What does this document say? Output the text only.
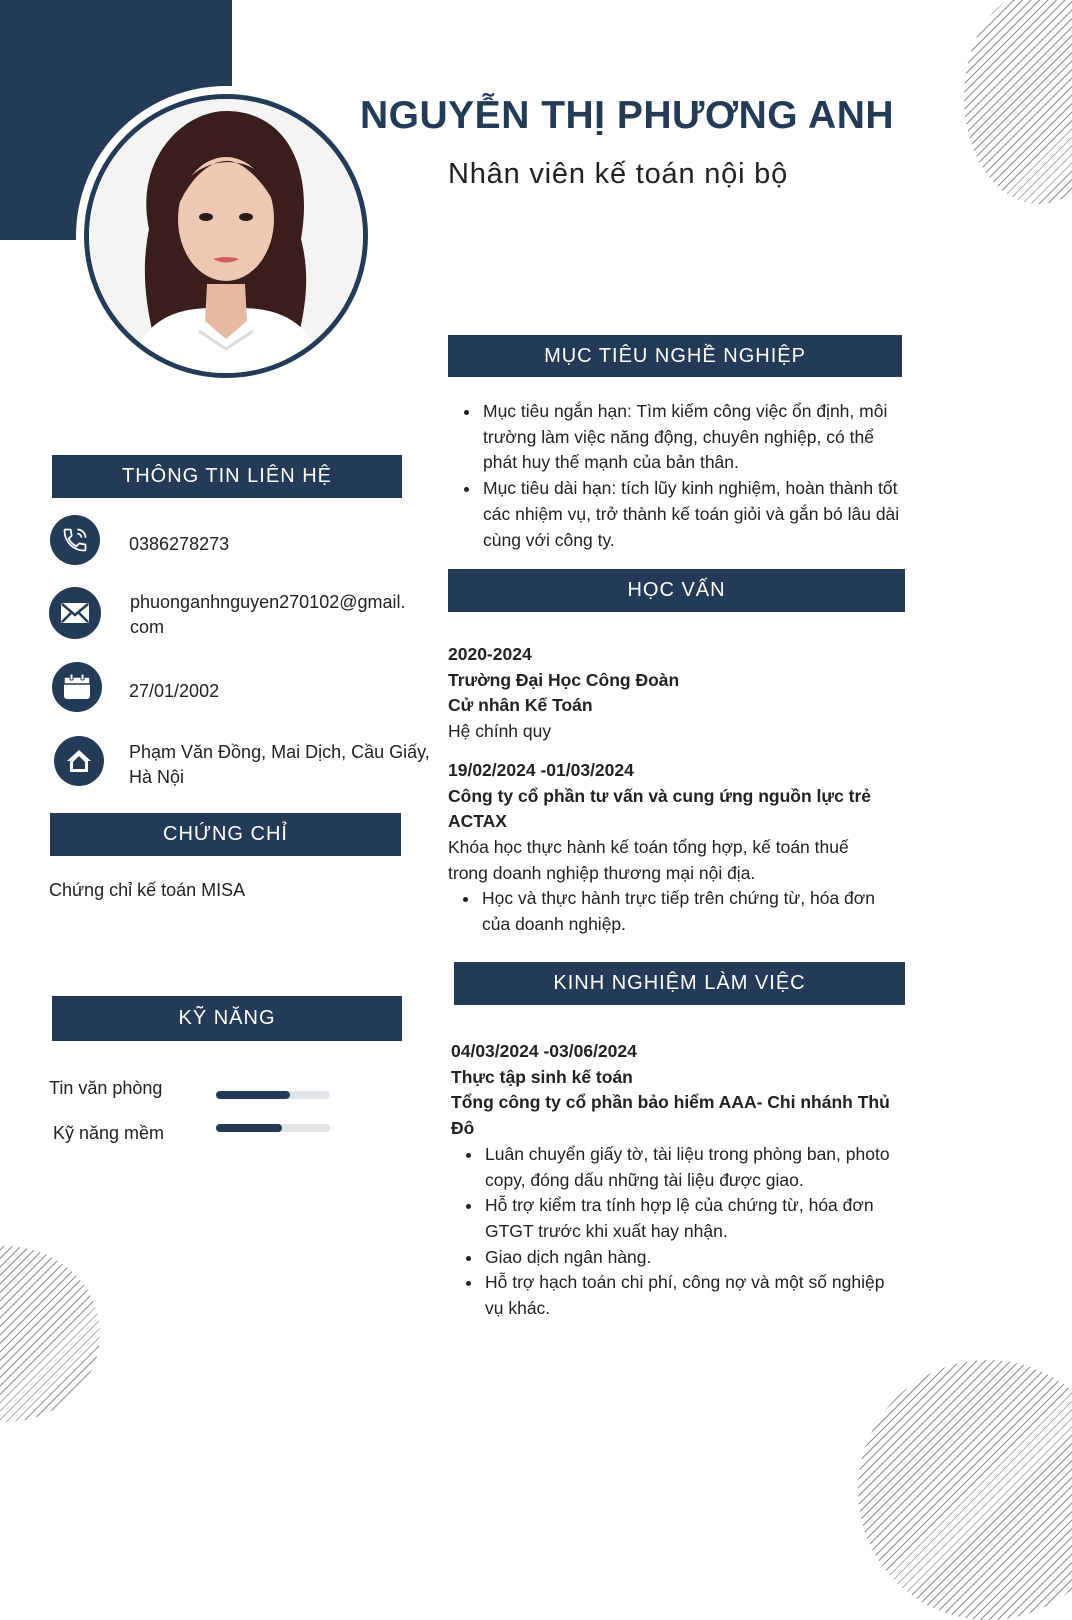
NGUYỄN THỊ PHƯƠNG ANH
Nhân viên kế toán nội bộ
THÔNG TIN LIÊN HỆ
0386278273
phuonganhnguyen270102@gmail.
com
27/01/2002
Phạm Văn Đồng, Mai Dịch, Cầu Giấy,
Hà Nội
CHỨNG CHỈ
Chứng chỉ kế toán MISA
KỸ NĂNG
Tin văn phòng
Kỹ năng mềm
MỤC TIÊU NGHỀ NGHIỆP
• Mục tiêu ngắn hạn: Tìm kiếm công việc ổn định, môi trường làm việc năng động, chuyên nghiệp, có thể phát huy thế mạnh của bản thân.
• Mục tiêu dài hạn: tích lũy kinh nghiệm, hoàn thành tốt các nhiệm vụ, trở thành kế toán giỏi và gắn bó lâu dài cùng với công ty.
HỌC VẤN
2020-2024
Trường Đại Học Công Đoàn
Cử nhân Kế Toán
Hệ chính quy
19/02/2024 -01/03/2024
Công ty cổ phần tư vấn và cung ứng nguồn lực trẻ
ACTAX
Khóa học thực hành kế toán tổng hợp, kế toán thuế
trong doanh nghiệp thương mại nội địa.
• Học và thực hành trực tiếp trên chứng từ, hóa đơn của doanh nghiệp.
KINH NGHIỆM LÀM VIỆC
04/03/2024 -03/06/2024
Thực tập sinh kế toán
Tổng công ty cổ phần bảo hiểm AAA- Chi nhánh Thủ
Đô
• Luân chuyển giấy tờ, tài liệu trong phòng ban, photo copy, đóng dấu những tài liệu được giao.
• Hỗ trợ kiểm tra tính hợp lệ của chứng từ, hóa đơn GTGT trước khi xuất hay nhận.
• Giao dịch ngân hàng.
• Hỗ trợ hạch toán chi phí, công nợ và một số nghiệp vụ khác.
